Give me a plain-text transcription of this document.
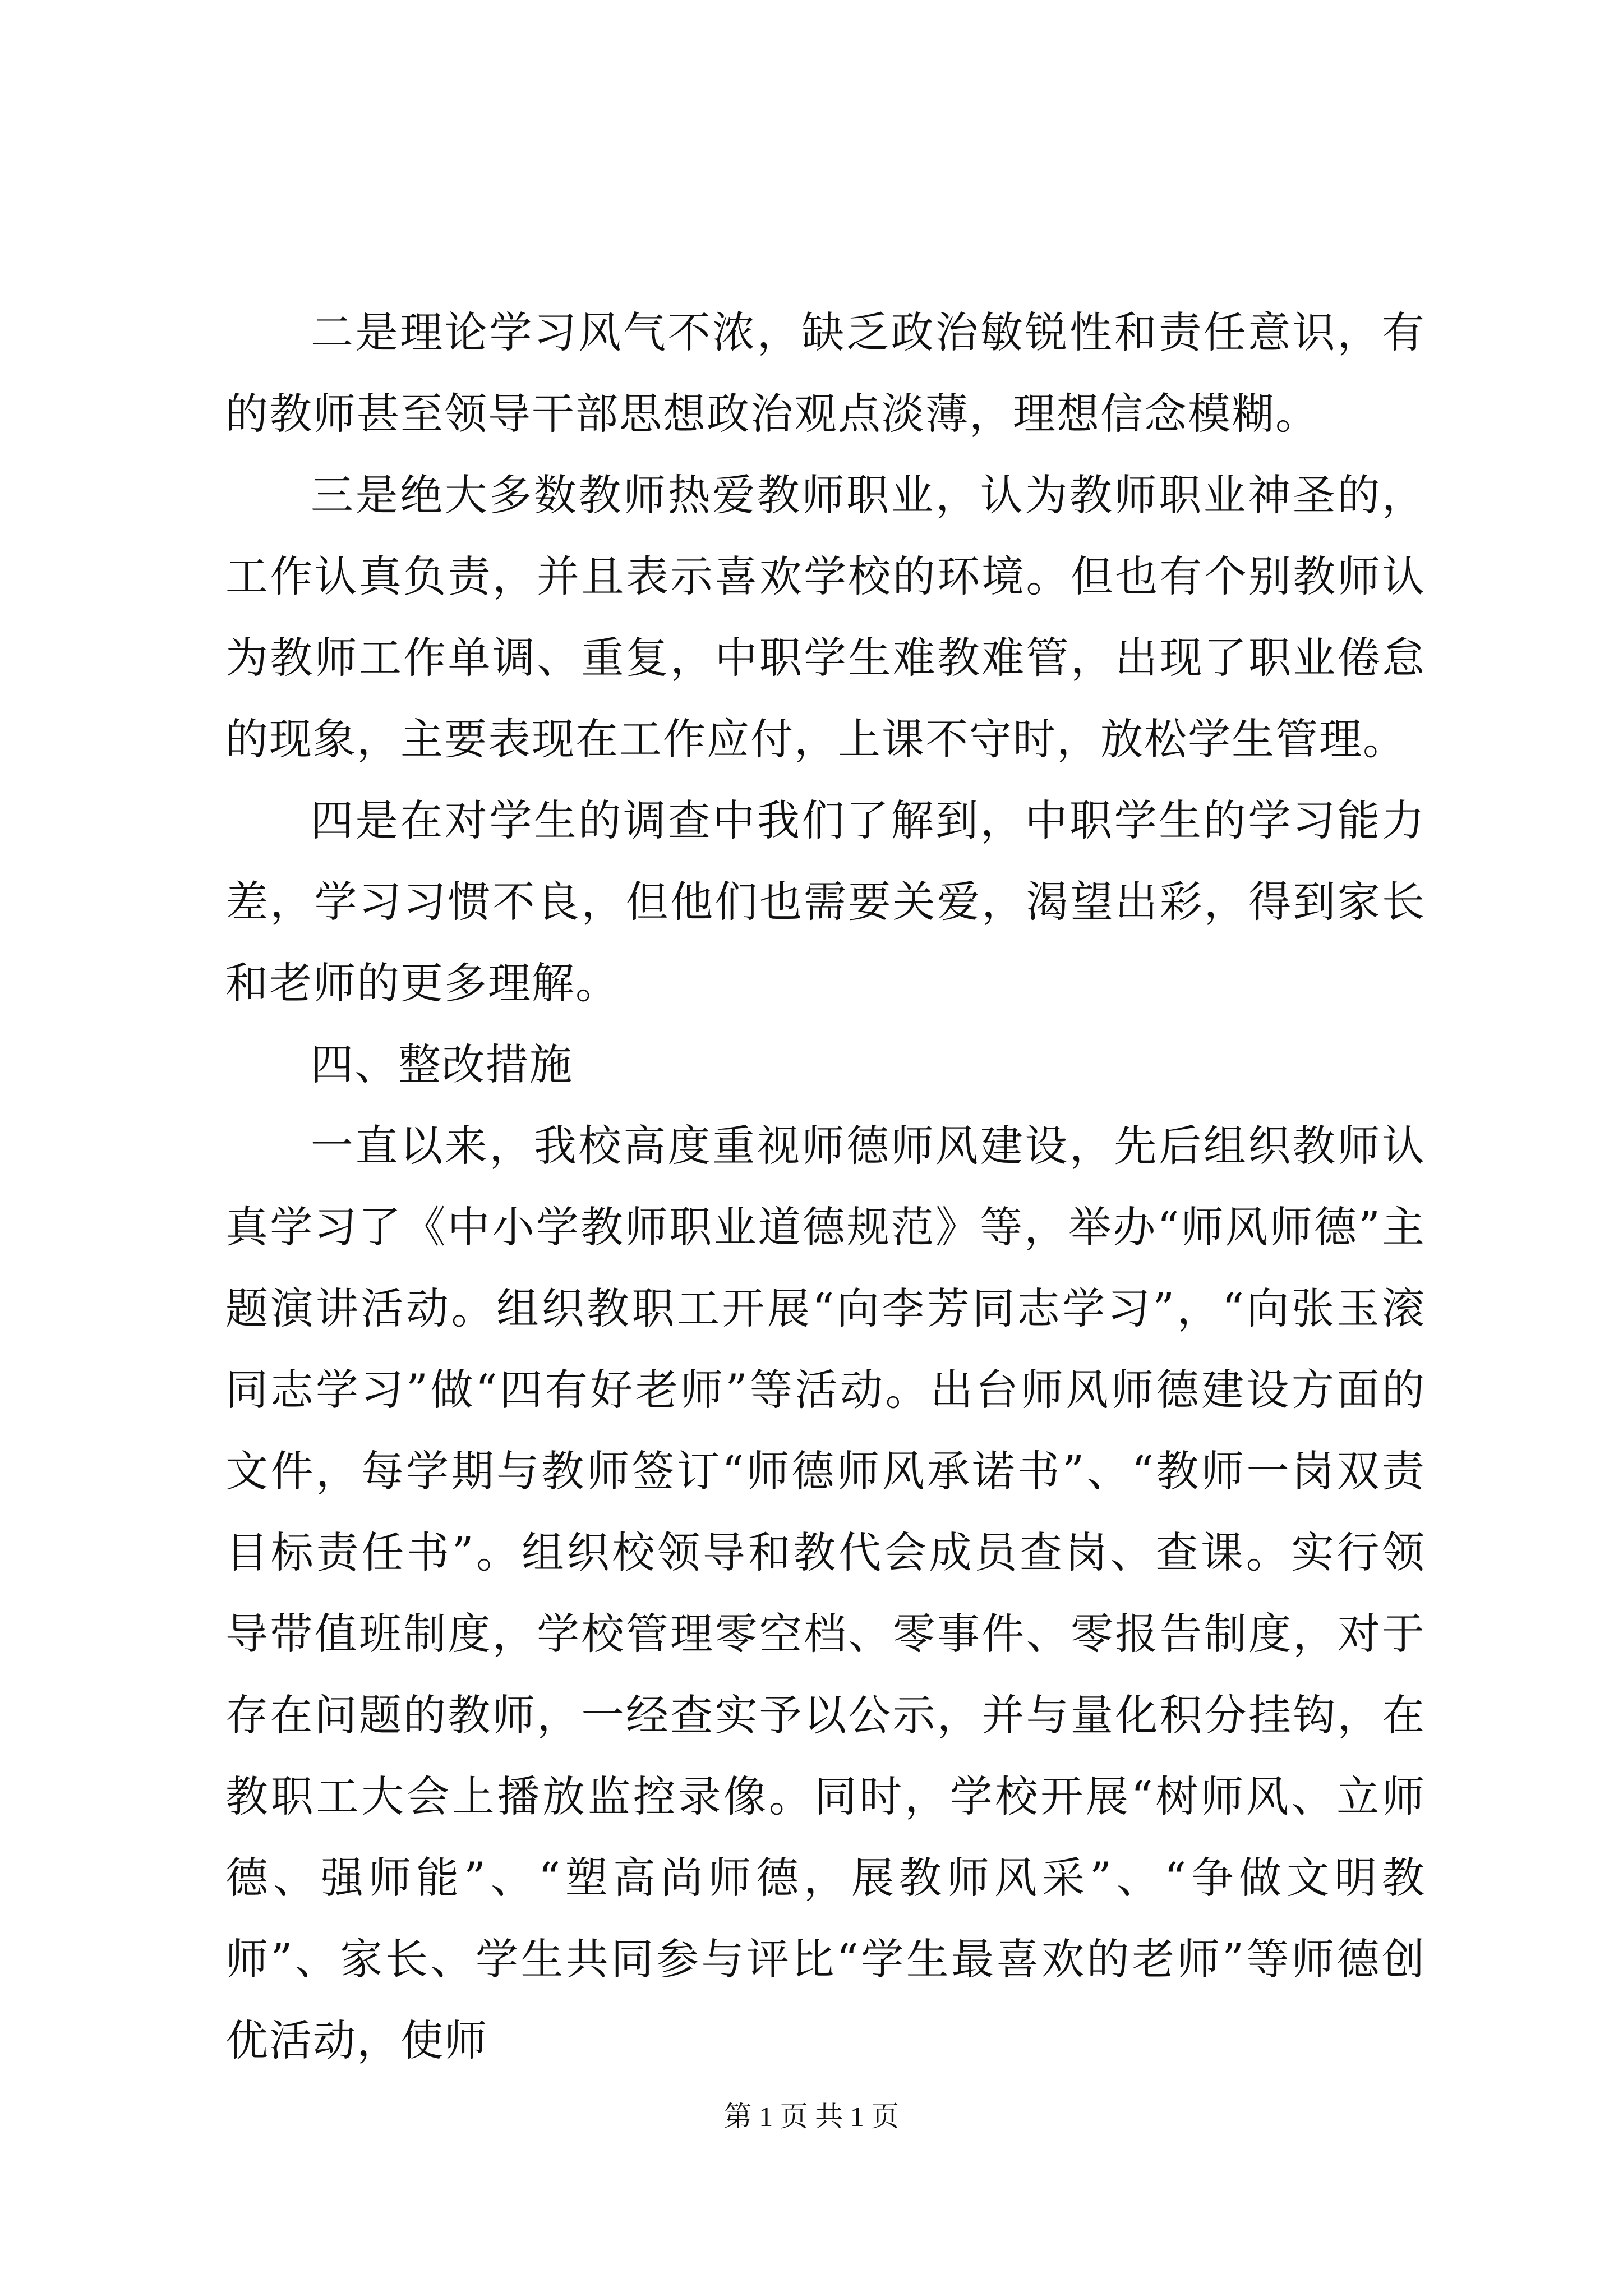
二是理论学习风气不浓，缺乏政治敏锐性和责任意识，有的教师甚至领导干部思想政治观点淡薄，理想信念模糊。

三是绝大多数教师热爱教师职业，认为教师职业神圣的，工作认真负责，并且表示喜欢学校的环境。但也有个别教师认为教师工作单调、重复，中职学生难教难管，出现了职业倦怠的现象，主要表现在工作应付，上课不守时，放松学生管理。

四是在对学生的调查中我们了解到，中职学生的学习能力差，学习习惯不良，但他们也需要关爱，渴望出彩，得到家长和老师的更多理解。

四、整改措施

一直以来，我校高度重视师德师风建设，先后组织教师认真学习了《中小学教师职业道德规范》等，举办“师风师德”主题演讲活动。组织教职工开展“向李芳同志学习”，“向张玉滚同志学习”做“四有好老师”等活动。出台师风师德建设方面的文件，每学期与教师签订“师德师风承诺书”、“教师一岗双责目标责任书”。组织校领导和教代会成员查岗、查课。实行领导带值班制度，学校管理零空档、零事件、零报告制度，对于存在问题的教师，一经查实予以公示，并与量化积分挂钩，在教职工大会上播放监控录像。同时，学校开展“树师风、立师德、强师能”、“塑高尚师德，展教师风采”、“争做文明教师”、家长、学生共同参与评比“学生最喜欢的老师”等师德创优活动，使师

第 1 页 共 1 页
